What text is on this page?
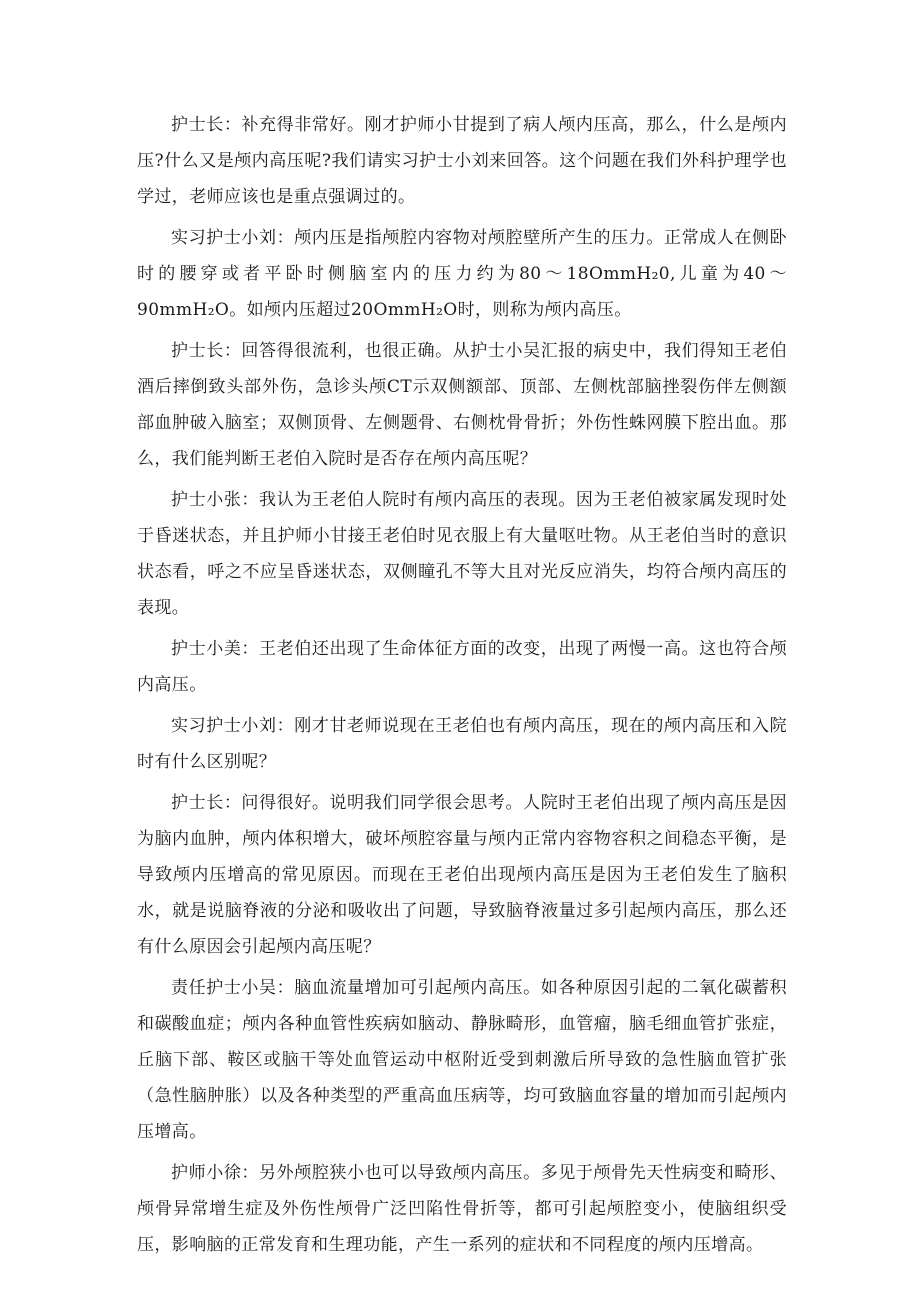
护士长：补充得非常好。刚才护师小甘提到了病人颅内压高，那么，什么是颅内压?什么又是颅内高压呢?我们请实习护士小刘来回答。这个问题在我们外科护理学也学过，老师应该也是重点强调过的。

实习护士小刘：颅内压是指颅腔内容物对颅腔壁所产生的压力。正常成人在侧卧时的腰穿或者平卧时侧脑室内的压力约为80～18OmmH₂0,儿童为40～90mmH₂O。如颅内压超过20OmmH₂O时，则称为颅内高压。

护士长：回答得很流利，也很正确。从护士小吴汇报的病史中，我们得知王老伯酒后摔倒致头部外伤，急诊头颅CT示双侧额部、顶部、左侧枕部脑挫裂伤伴左侧额部血肿破入脑室；双侧顶骨、左侧题骨、右侧枕骨骨折；外伤性蛛网膜下腔出血。那么，我们能判断王老伯入院时是否存在颅内高压呢？

护士小张：我认为王老伯人院时有颅内高压的表现。因为王老伯被家属发现时处于昏迷状态，并且护师小甘接王老伯时见衣服上有大量呕吐物。从王老伯当时的意识状态看，呼之不应呈昏迷状态，双侧瞳孔不等大且对光反应消失，均符合颅内高压的表现。

护士小美：王老伯还出现了生命体征方面的改变，出现了两慢一高。这也符合颅内高压。

实习护士小刘：刚才甘老师说现在王老伯也有颅内高压，现在的颅内高压和入院时有什么区别呢？

护士长：问得很好。说明我们同学很会思考。人院时王老伯出现了颅内高压是因为脑内血肿，颅内体积增大，破坏颅腔容量与颅内正常内容物容积之间稳态平衡，是导致颅内压增高的常见原因。而现在王老伯出现颅内高压是因为王老伯发生了脑积水，就是说脑脊液的分泌和吸收出了问题，导致脑脊液量过多引起颅内高压，那么还有什么原因会引起颅内高压呢？

责任护士小吴：脑血流量增加可引起颅内高压。如各种原因引起的二氧化碳蓄积和碳酸血症；颅内各种血管性疾病如脑动、静脉畸形，血管瘤，脑毛细血管扩张症，丘脑下部、鞍区或脑干等处血管运动中枢附近受到刺激后所导致的急性脑血管扩张（急性脑肿胀）以及各种类型的严重高血压病等，均可致脑血容量的增加而引起颅内压增高。

护师小徐：另外颅腔狭小也可以导致颅内高压。多见于颅骨先天性病变和畸形、颅骨异常增生症及外伤性颅骨广泛凹陷性骨折等，都可引起颅腔变小，使脑组织受压，影响脑的正常发育和生理功能，产生一系列的症状和不同程度的颅内压增高。
